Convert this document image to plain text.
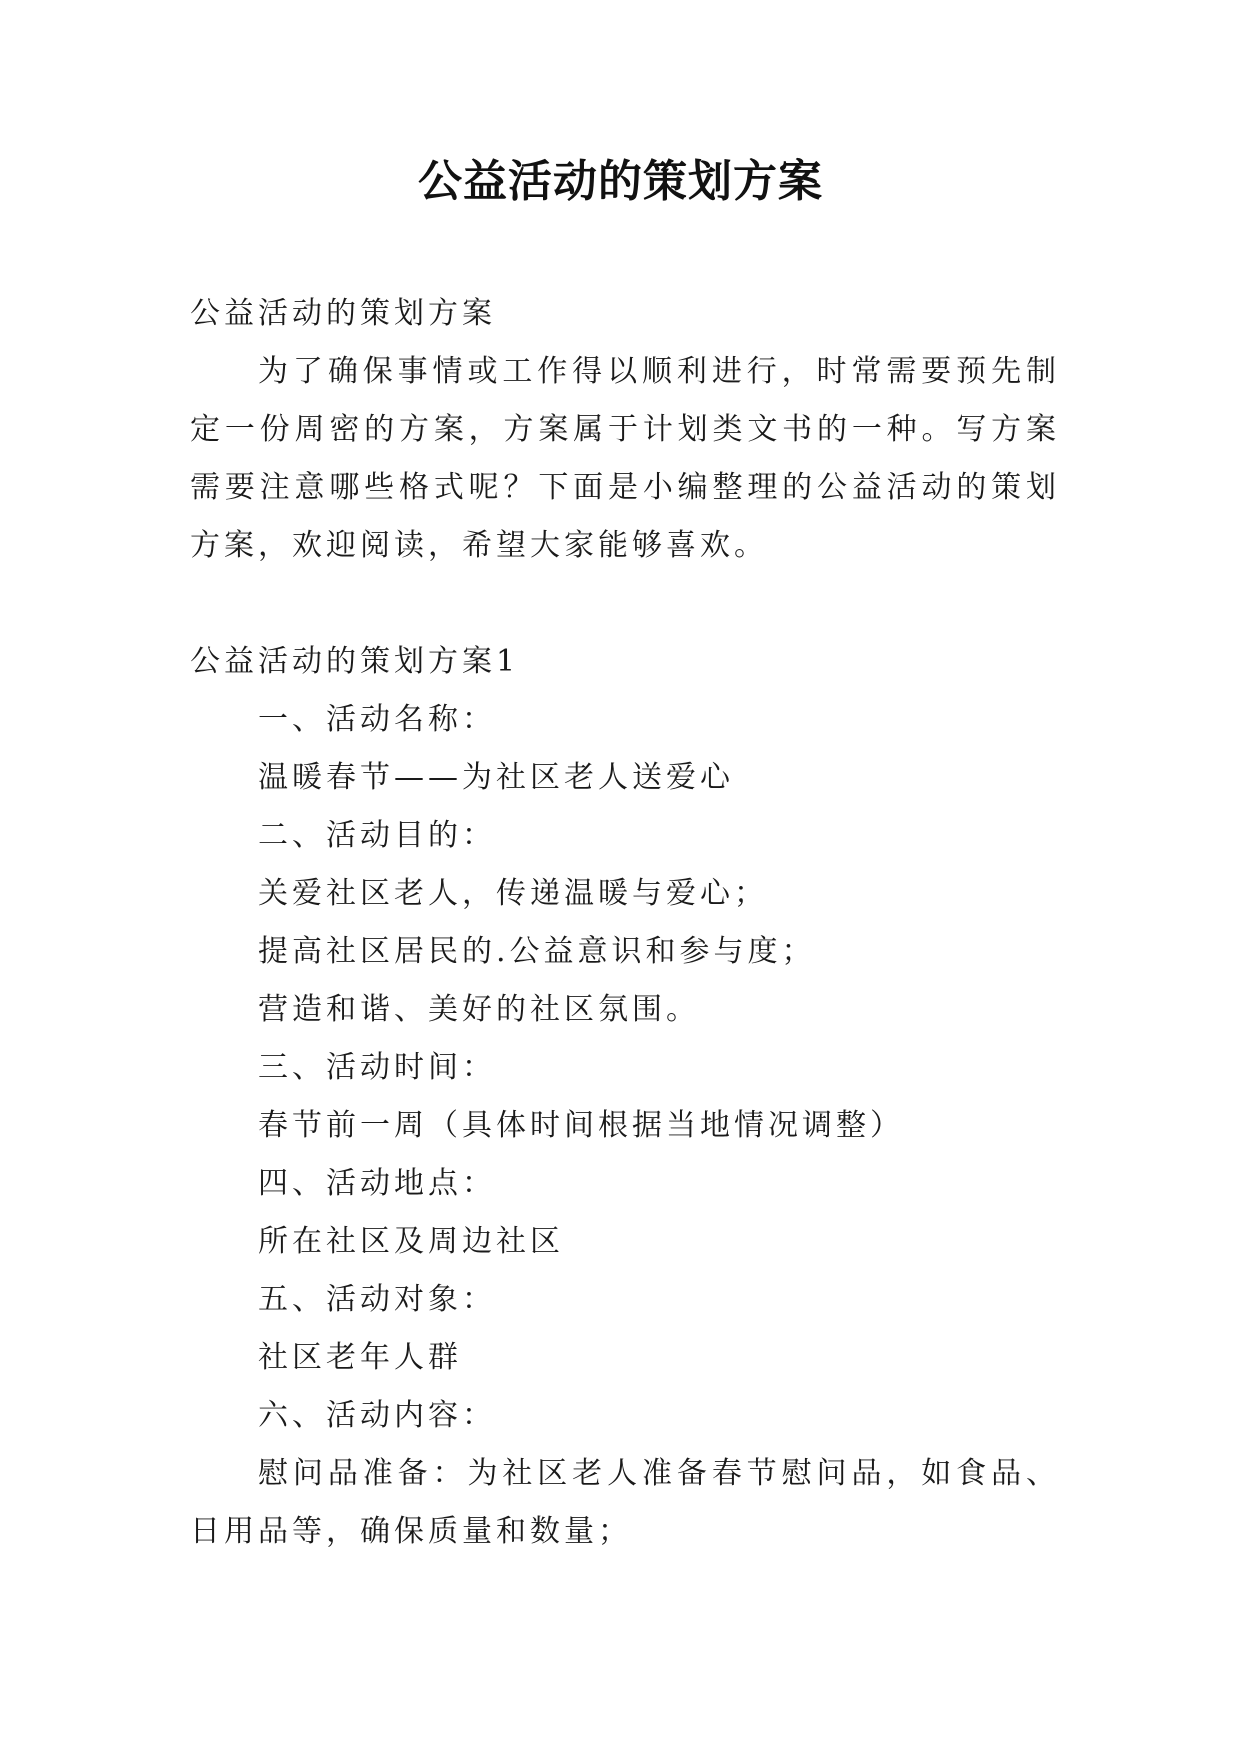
公益活动的策划方案

公益活动的策划方案

为了确保事情或工作得以顺利进行，时常需要预先制定一份周密的方案，方案属于计划类文书的一种。写方案需要注意哪些格式呢？下面是小编整理的公益活动的策划方案，欢迎阅读，希望大家能够喜欢。

公益活动的策划方案1

一、活动名称：

温暖春节——为社区老人送爱心

二、活动目的：

关爱社区老人，传递温暖与爱心；

提高社区居民的.公益意识和参与度；

营造和谐、美好的社区氛围。

三、活动时间：

春节前一周（具体时间根据当地情况调整）

四、活动地点：

所在社区及周边社区

五、活动对象：

社区老年人群

六、活动内容：

慰问品准备：为社区老人准备春节慰问品，如食品、日用品等，确保质量和数量；
